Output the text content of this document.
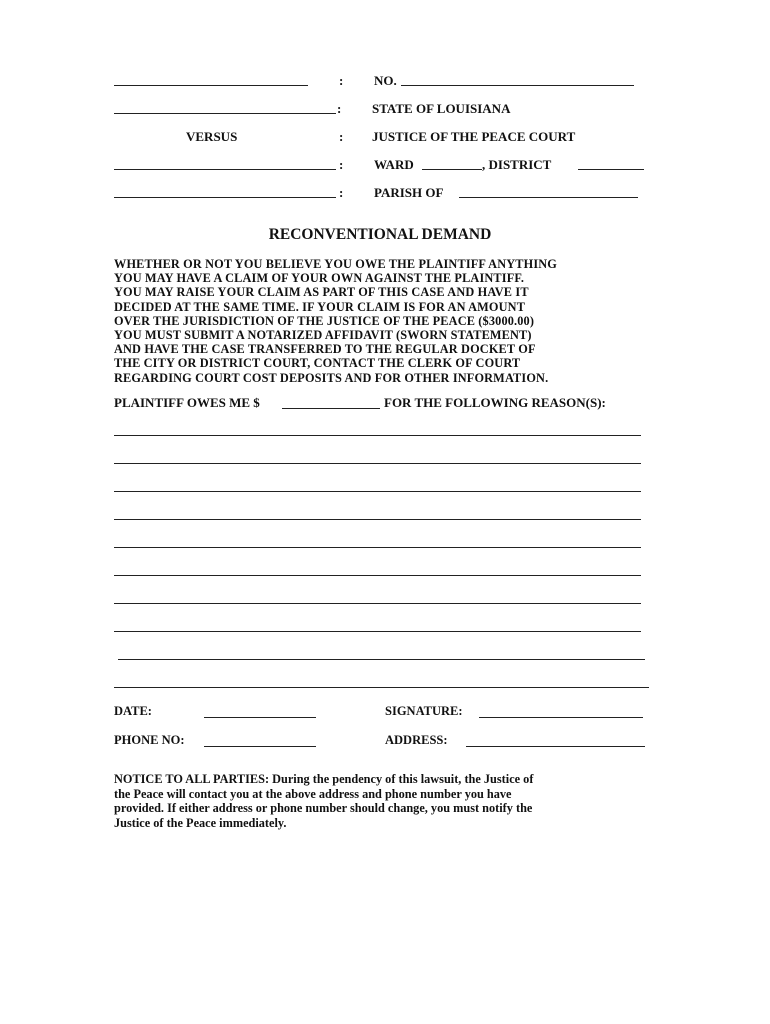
: NO.
: STATE OF LOUISIANA
VERSUS	: JUSTICE OF THE PEACE COURT
: WARD	, DISTRICT
: PARISH OF
RECONVENTIONAL DEMAND
WHETHER OR NOT YOU BELIEVE YOU OWE THE PLAINTIFF ANYTHING
YOU MAY HAVE A CLAIM OF YOUR OWN AGAINST THE PLAINTIFF.
YOU MAY RAISE YOUR CLAIM AS PART OF THIS CASE AND HAVE IT
DECIDED AT THE SAME TIME. IF YOUR CLAIM IS FOR AN AMOUNT
OVER THE JURISDICTION OF THE JUSTICE OF THE PEACE ($3000.00)
YOU MUST SUBMIT A NOTARIZED AFFIDAVIT (SWORN STATEMENT)
AND HAVE THE CASE TRANSFERRED TO THE REGULAR DOCKET OF
THE CITY OR DISTRICT COURT, CONTACT THE CLERK OF COURT
REGARDING COURT COST DEPOSITS AND FOR OTHER INFORMATION.
PLAINTIFF OWES ME $	FOR THE FOLLOWING REASON(S):
DATE:	SIGNATURE:
PHONE NO:	ADDRESS:
NOTICE TO ALL PARTIES: During the pendency of this lawsuit, the Justice of
the Peace will contact you at the above address and phone number you have
provided. If either address or phone number should change, you must notify the
Justice of the Peace immediately.
